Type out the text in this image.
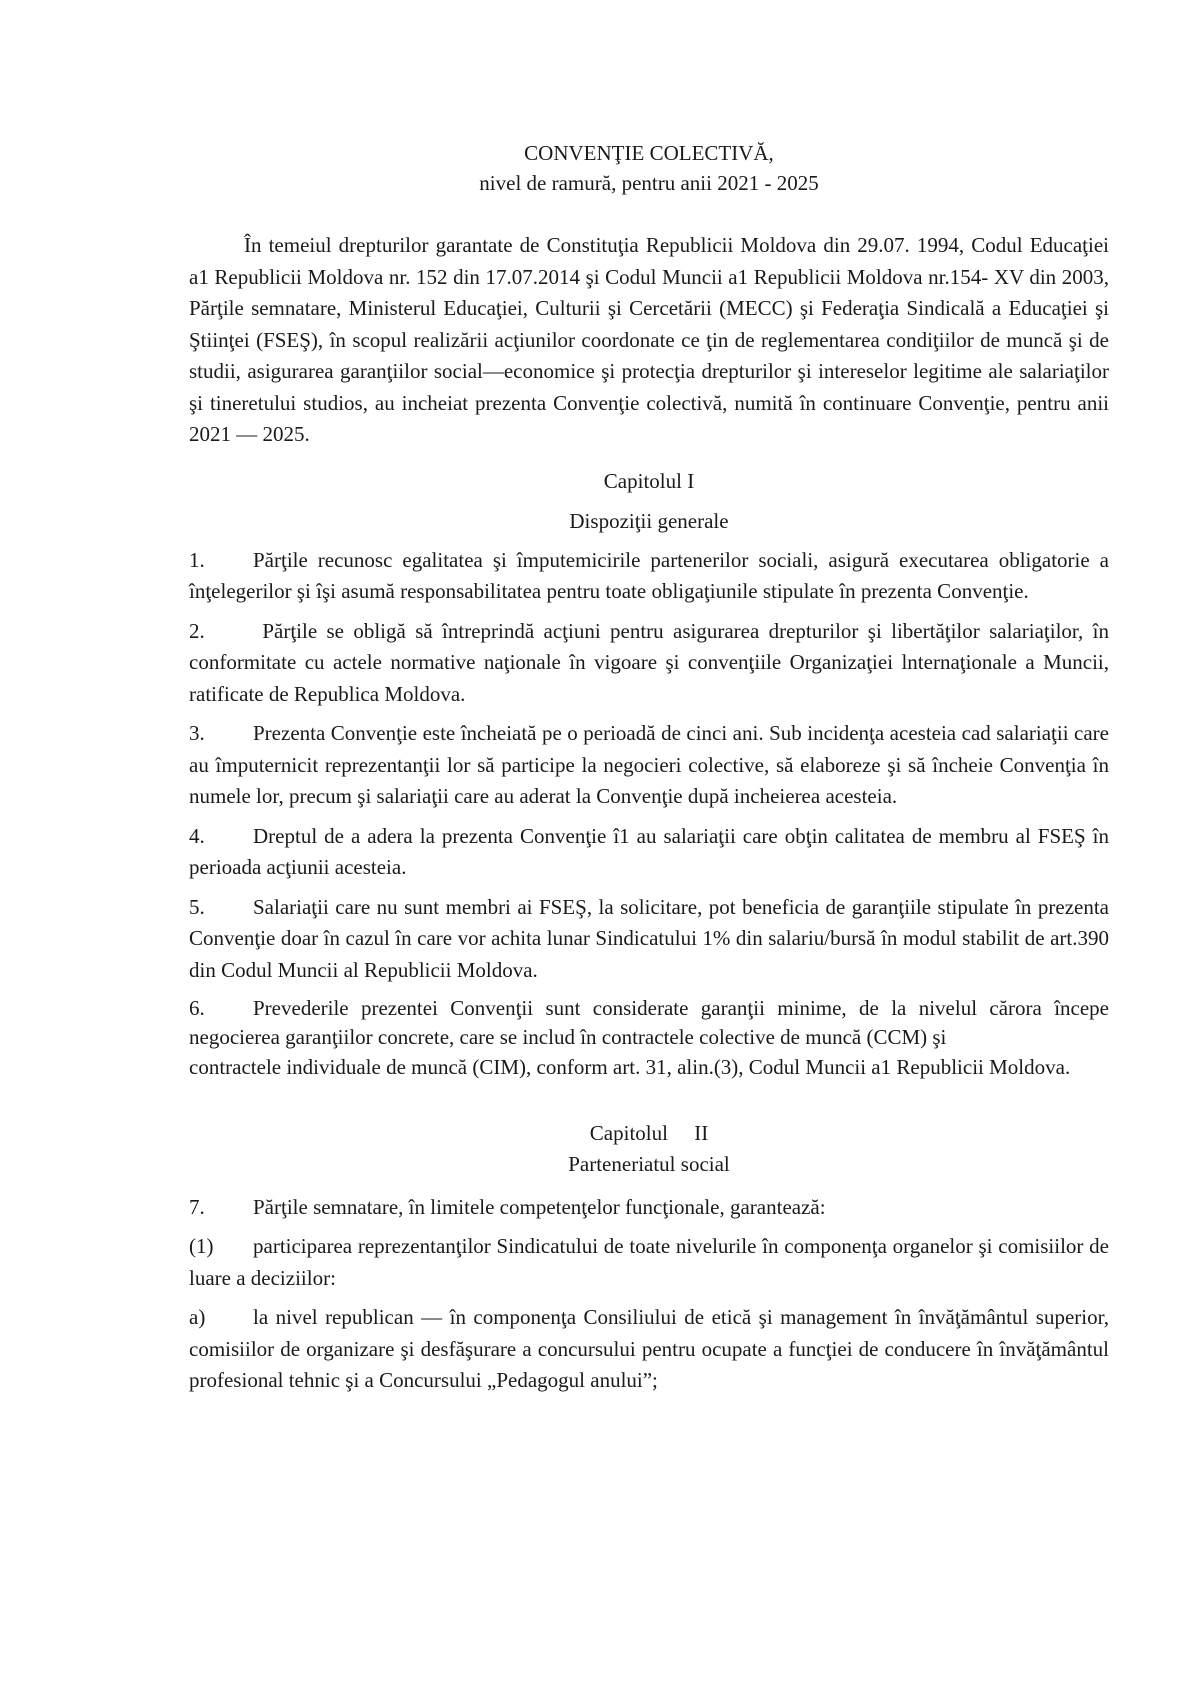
CONVENŢIE COLECTIVĂ,

nivel de ramură, pentru anii 2021 - 2025

În temeiul drepturilor garantate de Constituţia Republicii Moldova din 29.07. 1994, Codul Educaţiei a1 Republicii Moldova nr. 152 din 17.07.2014 şi Codul Muncii a1 Republicii Moldova nr.154- XV din 2003, Părţile semnatare, Ministerul Educaţiei, Culturii şi Cercetării (MECC) şi Federaţia Sindicală a Educaţiei şi Ştiinţei (FSEŞ), în scopul realizării acţiunilor coordonate ce ţin de reglementarea condiţiilor de muncă şi de studii, asigurarea garanţiilor social—economice şi protecţia drepturilor şi intereselor legitime ale salariaţilor şi tineretului studios, au incheiat prezenta Convenţie colectivă, numită în continuare Convenţie, pentru anii 2021 — 2025.

Capitolul I

Dispoziţii generale

1. Părţile recunosc egalitatea şi împutemicirile partenerilor sociali, asigură executarea obligatorie a înţelegerilor şi îşi asumă responsabilitatea pentru toate obligaţiunile stipulate în prezenta Convenţie.

2. Părţile se obligă să întreprindă acţiuni pentru asigurarea drepturilor şi libertăţilor salariaţilor, în conformitate cu actele normative naţionale în vigoare şi convenţiile Organizaţiei lnternaţionale a Muncii, ratificate de Republica Moldova.

3. Prezenta Convenţie este încheiată pe o perioadă de cinci ani. Sub incidenţa acesteia cad salariaţii care au împuternicit reprezentanţii lor să participe la negocieri colective, să elaboreze şi să încheie Convenţia în numele lor, precum şi salariaţii care au aderat la Convenţie după incheierea acesteia.

4. Dreptul de a adera la prezenta Convenţie î1 au salariaţii care obţin calitatea de membru al FSEŞ în perioada acţiunii acesteia.

5. Salariaţii care nu sunt membri ai FSEŞ, la solicitare, pot beneficia de garanţiile stipulate în prezenta Convenţie doar în cazul în care vor achita lunar Sindicatului 1% din salariu/bursă în modul stabilit de art.390 din Codul Muncii al Republicii Moldova.

6. Prevederile prezentei Convenţii sunt considerate garanţii minime, de la nivelul cărora începe negocierea garanţiilor concrete, care se includ în contractele colective de muncă (CCM) şi

contractele individuale de muncă (CIM), conform art. 31, alin.(3), Codul Muncii a1 Republicii Moldova.

Capitolul     II

Parteneriatul social

7. Părţile semnatare, în limitele competenţelor funcţionale, garantează:

(1) participarea reprezentanţilor Sindicatului de toate nivelurile în componenţa organelor şi comisiilor de luare a deciziilor:

a) la nivel republican — în componenţa Consiliului de etică şi management în învăţământul superior, comisiilor de organizare şi desfăşurare a concursului pentru ocupate a funcţiei de conducere în învăţământul profesional tehnic şi a Concursului „Pedagogul anului”;
